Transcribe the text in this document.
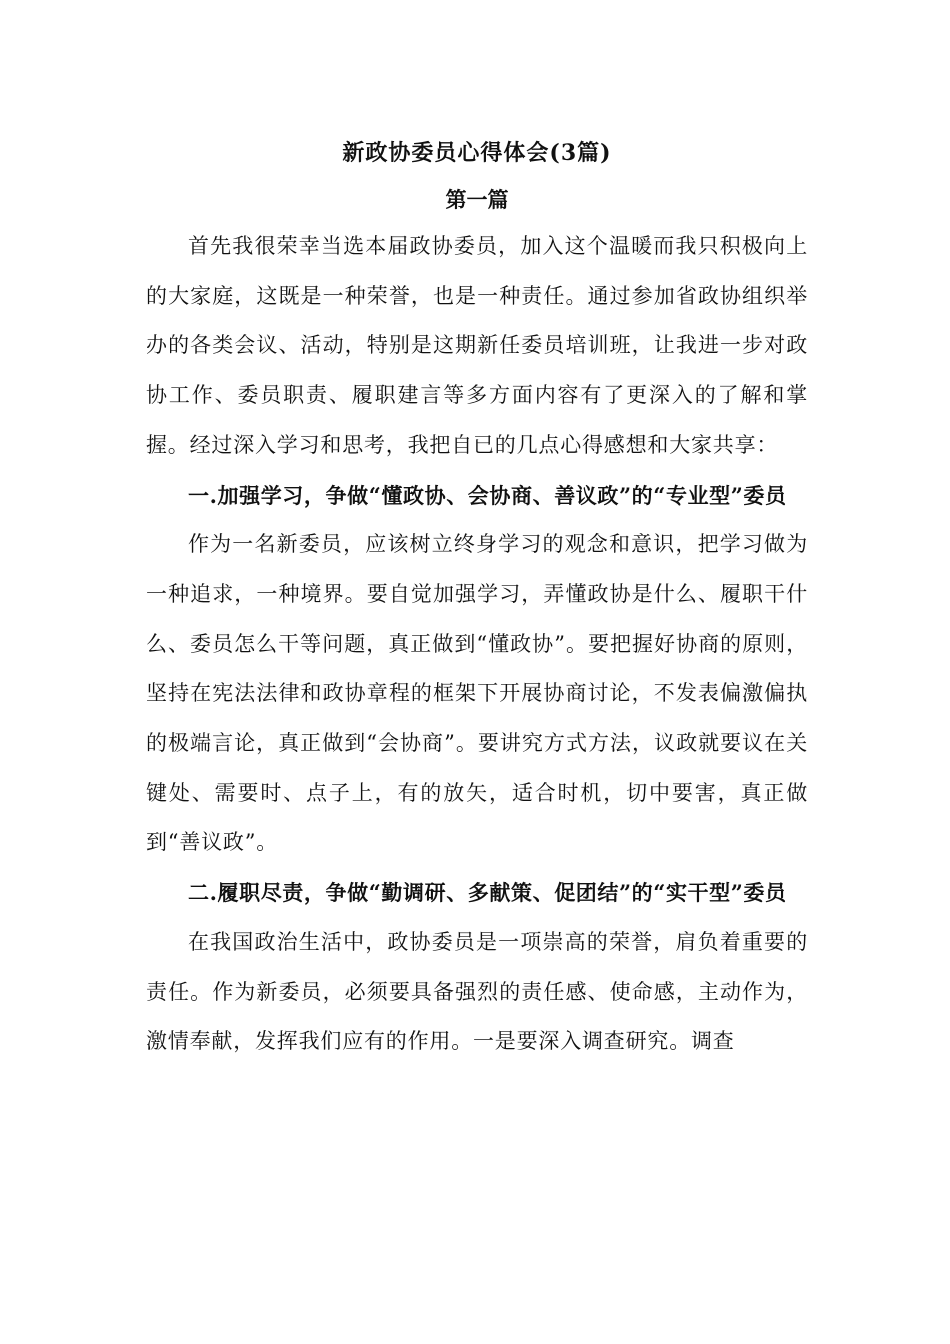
新政协委员心得体会(3篇)
第一篇

首先我很荣幸当选本届政协委员，加入这个温暖而我只积极向上的大家庭，这既是一种荣誉，也是一种责任。通过参加省政协组织举办的各类会议、活动，特别是这期新任委员培训班，让我进一步对政协工作、委员职责、履职建言等多方面内容有了更深入的了解和掌握。经过深入学习和思考，我把自已的几点心得感想和大家共享：

一.加强学习，争做“懂政协、会协商、善议政”的“专业型”委员

作为一名新委员，应该树立终身学习的观念和意识，把学习做为一种追求，一种境界。要自觉加强学习，弄懂政协是什么、履职干什么、委员怎么干等问题，真正做到“懂政协”。要把握好协商的原则，坚持在宪法法律和政协章程的框架下开展协商讨论，不发表偏激偏执的极端言论，真正做到“会协商”。要讲究方式方法，议政就要议在关键处、需要时、点子上，有的放矢，适合时机，切中要害，真正做到“善议政”。

二.履职尽责，争做“勤调研、多献策、促团结”的“实干型”委员

在我国政治生活中，政协委员是一项崇高的荣誉，肩负着重要的责任。作为新委员，必须要具备强烈的责任感、使命感，主动作为，激情奉献，发挥我们应有的作用。一是要深入调查研究。调查
